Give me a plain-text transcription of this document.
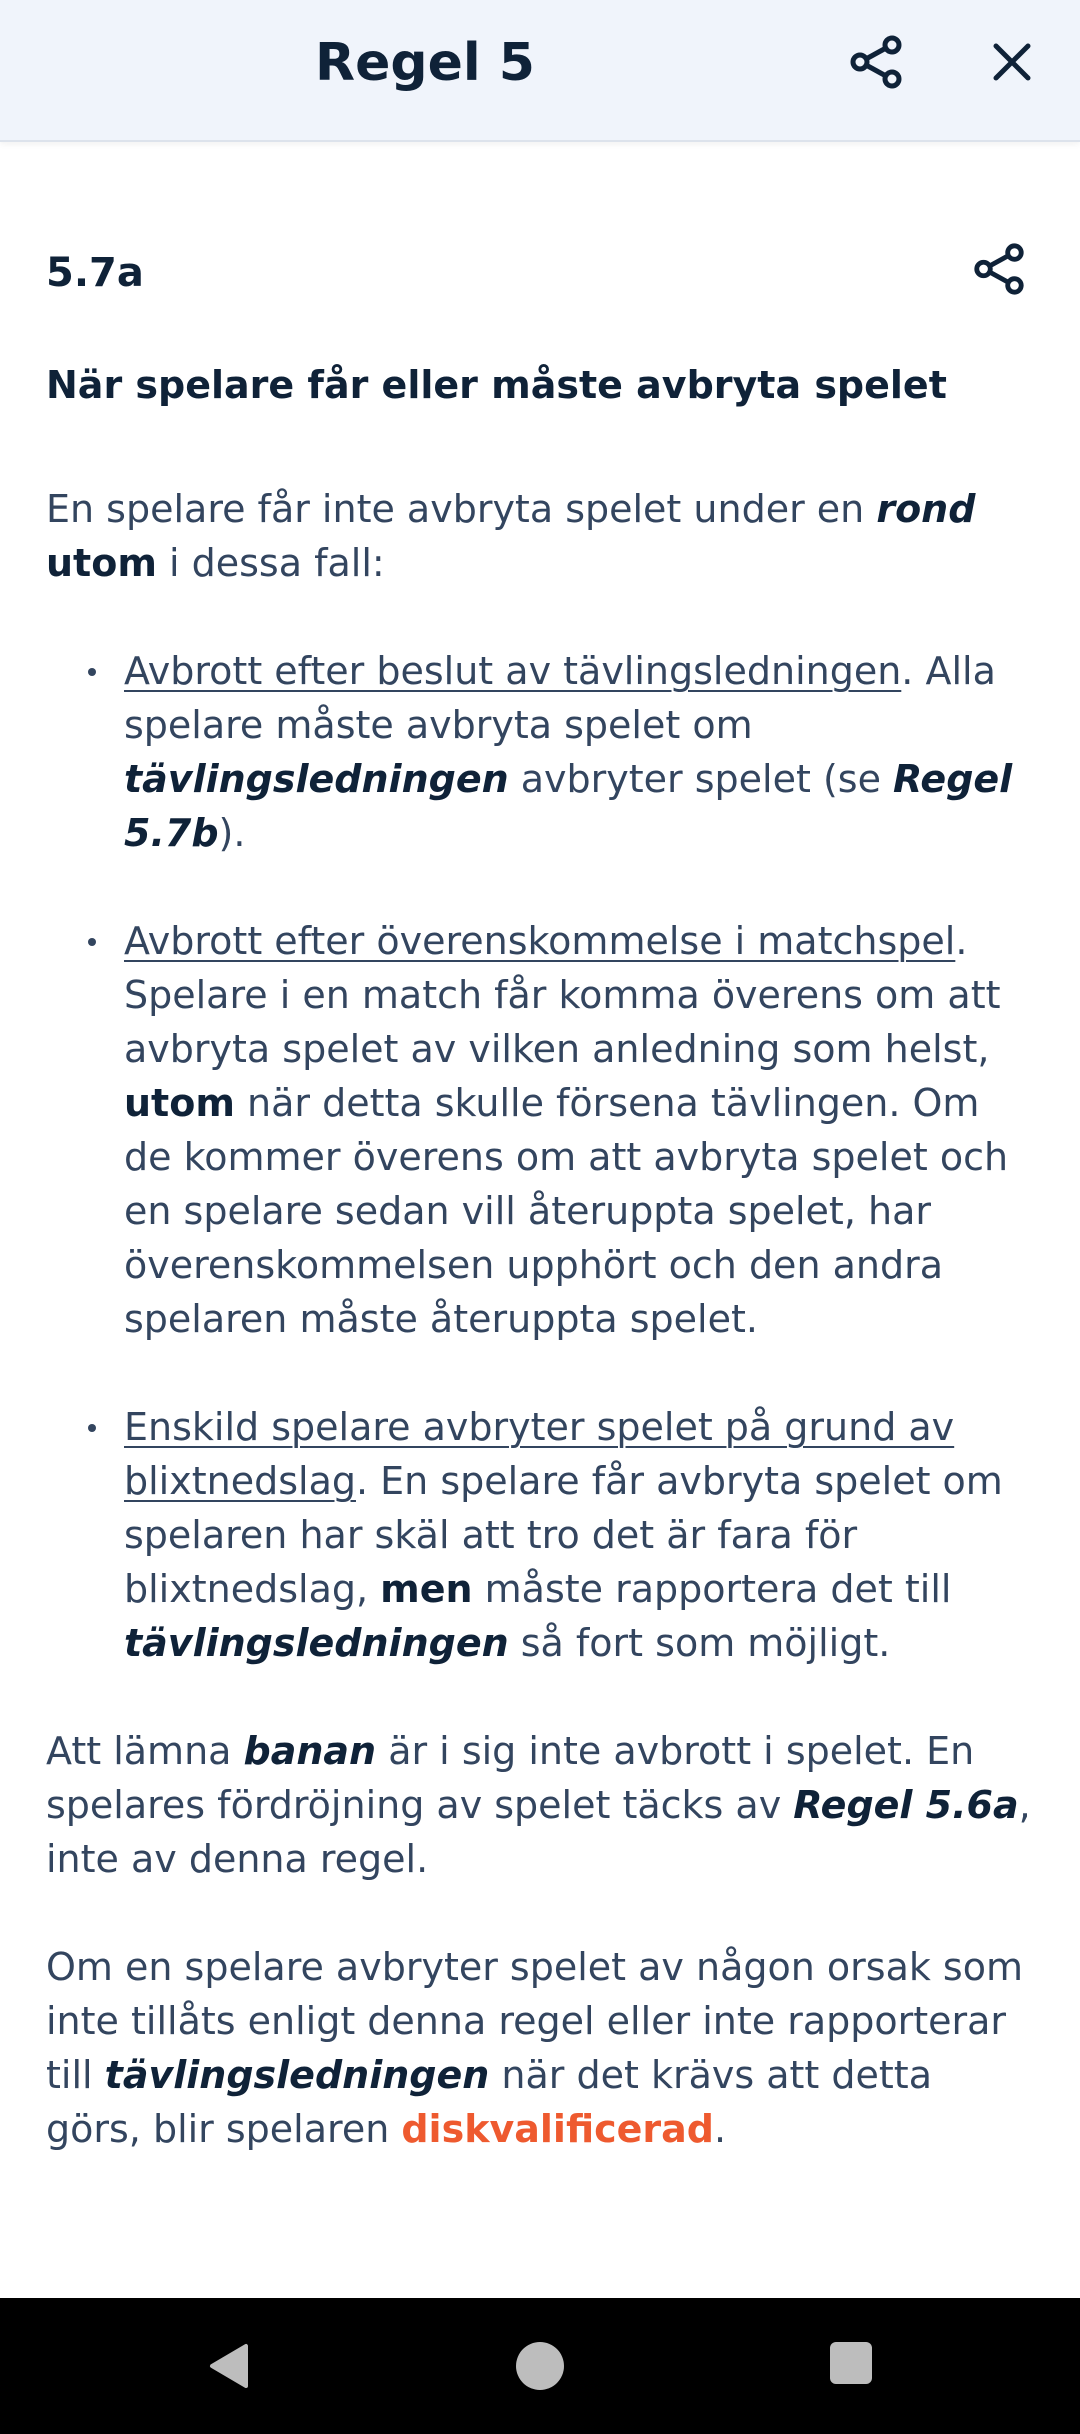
Regel 5
5.7a
När spelare får eller måste avbryta spelet

En spelare får inte avbryta spelet under en rond utom i dessa fall:

Avbrott efter beslut av tävlingsledningen. Alla spelare måste avbryta spelet om tävlingsledningen avbryter spelet (se Regel 5.7b).
Avbrott efter överenskommelse i matchspel. Spelare i en match får komma överens om att avbryta spelet av vilken anledning som helst, utom när detta skulle försena tävlingen. Om de kommer överens om att avbryta spelet och en spelare sedan vill återuppta spelet, har överenskommelsen upphört och den andra spelaren måste återuppta spelet.
Enskild spelare avbryter spelet på grund av blixtnedslag. En spelare får avbryta spelet om spelaren har skäl att tro det är fara för blixtnedslag, men måste rapportera det till tävlingsledningen så fort som möjligt.

Att lämna banan är i sig inte avbrott i spelet. En spelares fördröjning av spelet täcks av Regel 5.6a, inte av denna regel.

Om en spelare avbryter spelet av någon orsak som inte tillåts enligt denna regel eller inte rapporterar till tävlingsledningen när det krävs att detta görs, blir spelaren diskvalificerad.
